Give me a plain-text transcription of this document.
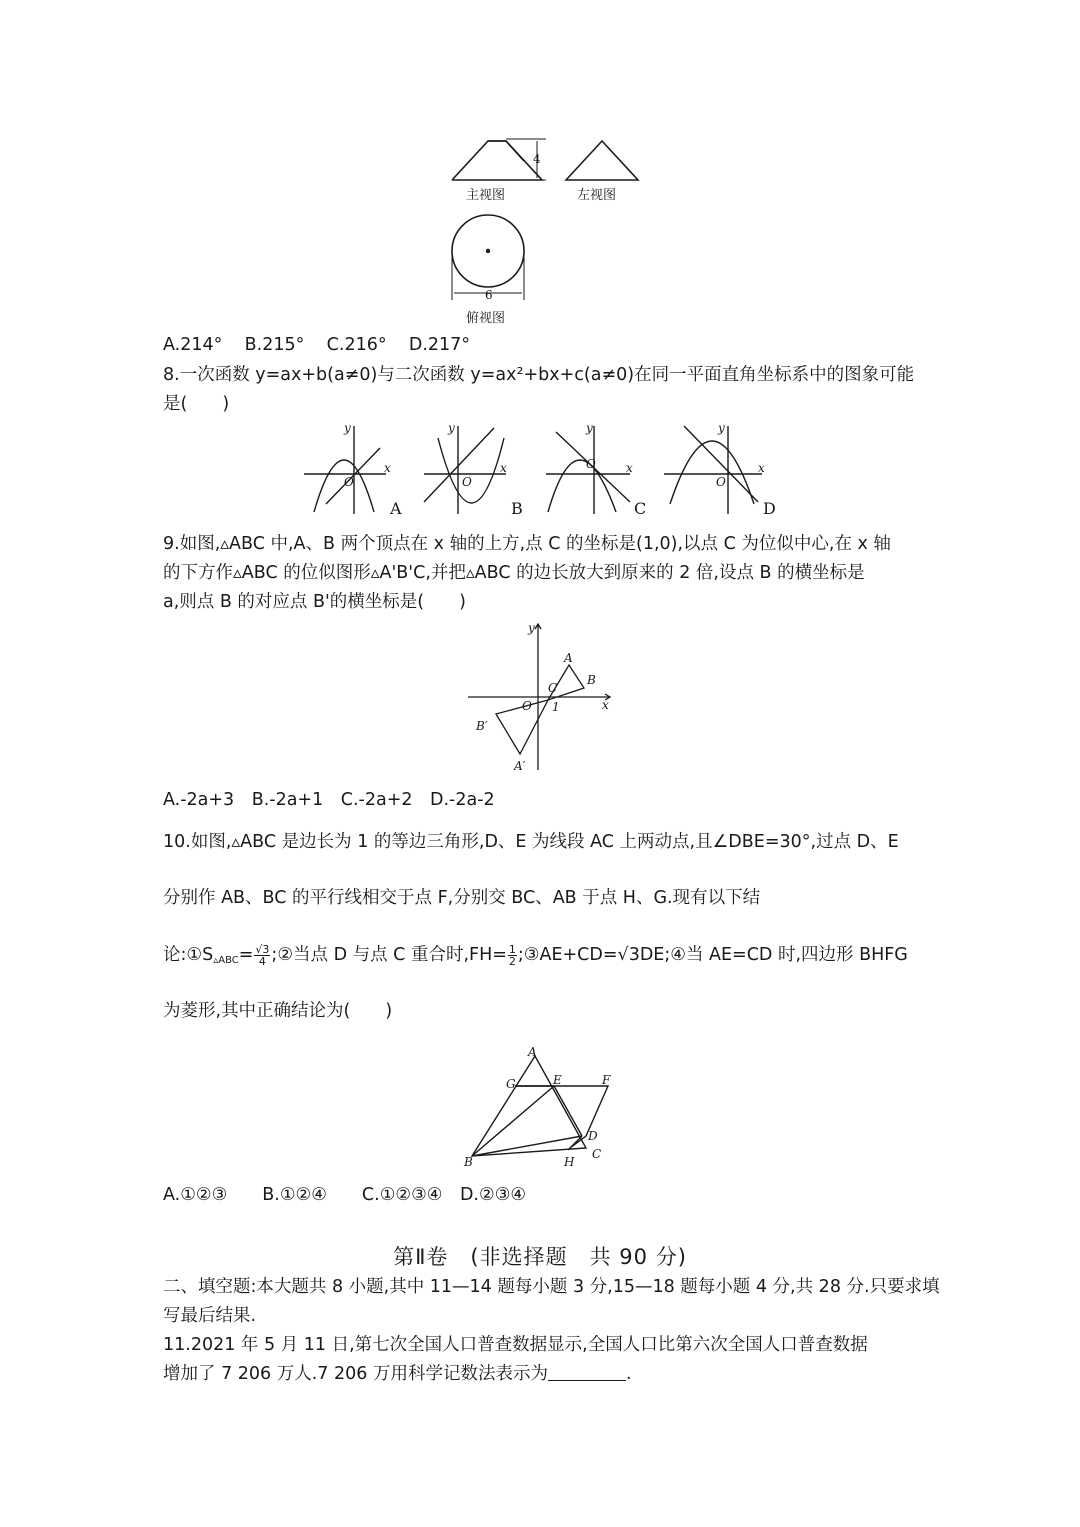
4
6
主视图	左视图
俯视图
A.214° B.215° C.216° D.217°
8.一次函数 y=ax+b(a≠0)与二次函数 y=ax²+bx+c(a≠0)在同一平面直角坐标系中的图象可能
是(　　)
y
x
O
y
x
O
y
x
O
y
x
O
A	B	C	D
9.如图,▵ABC 中,A、B 两个顶点在 x 轴的上方,点 C 的坐标是(1,0),以点 C 为位似中心,在 x 轴
的下方作▵ABC 的位似图形▵A'B'C,并把▵ABC 的边长放大到原来的 2 倍,设点 B 的横坐标是
a,则点 B 的对应点 B'的横坐标是(　　)
y
x
O 1
A
B
C
A′
B′
A.-2a+3　B.-2a+1　C.-2a+2　D.-2a-2
10.如图,▵ABC 是边长为 1 的等边三角形,D、E 为线段 AC 上两动点,且∠DBE=30°,过点 D、E
分别作 AB、BC 的平行线相交于点 F,分别交 BC、AB 于点 H、G.现有以下结
论$:①S_{▵ABC}= \frac{√3}{4}$ ;②当点 D 与点 C 重合时$,FH= \frac{1}{2}$ ;③AE+CD=√3DE;④当 AE=CD 时,四边形 BHFG
为菱形,其中正确结论为(　　)
A
B
C
D
E	F
G
H
A.①②③　　B.①②④　　C.①②③④　D.②③④
第Ⅱ卷　(非选择题　共 90 分)
二、填空题:本大题共 8 小题,其中 11—14 题每小题 3 分,15—18 题每小题 4 分,共 28 分.只要求填
写最后结果.
11.2021 年 5 月 11 日,第七次全国人口普查数据显示,全国人口比第六次全国人口普查数据
增加了 7 206 万人.7 206 万用科学记数法表示为	.
